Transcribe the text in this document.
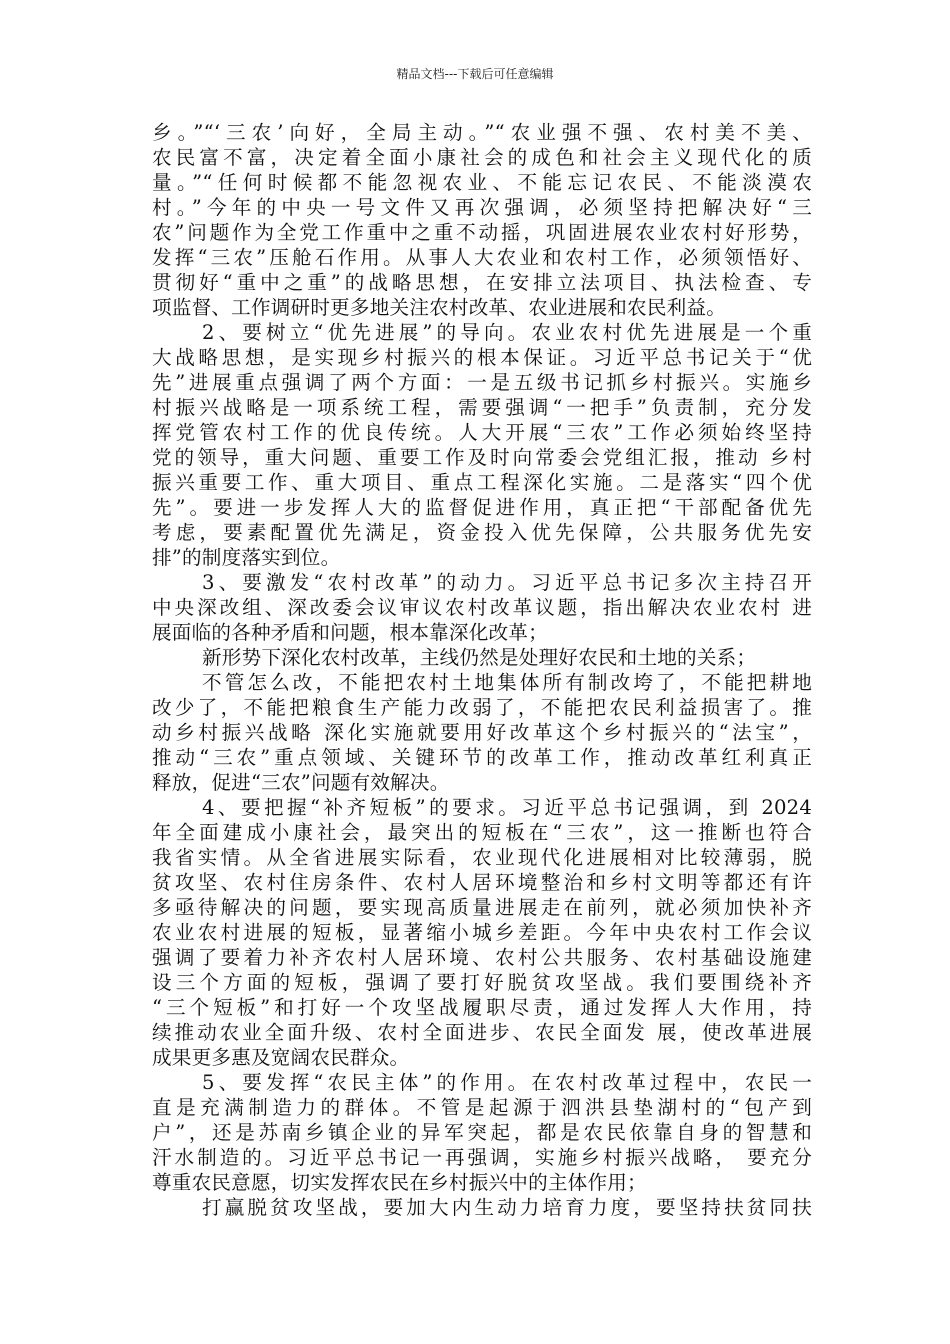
精品文档---下载后可任意编辑
乡。”“‘三农’向好，全局主动。”“农业强不强、农村美不美、
农民富不富，决定着全面小康社会的成色和社会主义现代化的质
量。”“任何时候都不能忽视农业、不能忘记农民、不能淡漠农
村。”今年的中央一号文件又再次强调，必须坚持把解决好“三
农”问题作为全党工作重中之重不动摇，巩固进展农业农村好形势，
发挥“三农”压舱石作用。从事人大农业和农村工作，必须领悟好、
贯彻好“重中之重”的战略思想，在安排立法项目、执法检查、专
项监督、工作调研时更多地关注农村改革、农业进展和农民利益。
2、要树立“优先进展”的导向。农业农村优先进展是一个重
大战略思想，是实现乡村振兴的根本保证。习近平总书记关于“优
先”进展重点强调了两个方面：一是五级书记抓乡村振兴。实施乡
村振兴战略是一项系统工程，需要强调“一把手”负责制，充分发
挥党管农村工作的优良传统。人大开展“三农”工作必须始终坚持
党的领导，重大问题、重要工作及时向常委会党组汇报，推动 乡村
振兴重要工作、重大项目、重点工程深化实施。二是落实“四个优
先”。要进一步发挥人大的监督促进作用，真正把“干部配备优先
考虑，要素配置优先满足，资金投入优先保障，公共服务优先安
排”的制度落实到位。
3、要激发“农村改革”的动力。习近平总书记多次主持召开
中央深改组、深改委会议审议农村改革议题，指出解决农业农村 进
展面临的各种矛盾和问题，根本靠深化改革；
新形势下深化农村改革，主线仍然是处理好农民和土地的关系；
不管怎么改，不能把农村土地集体所有制改垮了，不能把耕地
改少了，不能把粮食生产能力改弱了，不能把农民利益损害了。推
动乡村振兴战略 深化实施就要用好改革这个乡村振兴的“法宝”，
推动“三农”重点领域、关键环节的改革工作，推动改革红利真正
释放，促进“三农”问题有效解决。
4、要把握“补齐短板”的要求。习近平总书记强调，到 2024
年全面建成小康社会，最突出的短板在“三农”，这一推断也符合
我省实情。从全省进展实际看，农业现代化进展相对比较薄弱，脱
贫攻坚、农村住房条件、农村人居环境整治和乡村文明等都还有许
多亟待解决的问题，要实现高质量进展走在前列，就必须加快补齐
农业农村进展的短板，显著缩小城乡差距。今年中央农村工作会议
强调了要着力补齐农村人居环境、农村公共服务、农村基础设施建
设三个方面的短板，强调了要打好脱贫攻坚战。我们要围绕补齐
“三个短板”和打好一个攻坚战履职尽责，通过发挥人大作用，持
续推动农业全面升级、农村全面进步、农民全面发 展，使改革进展
成果更多惠及宽阔农民群众。
5、要发挥“农民主体”的作用。在农村改革过程中，农民一
直是充满制造力的群体。不管是起源于泗洪县垫湖村的“包产到
户”，还是苏南乡镇企业的异军突起，都是农民依靠自身的智慧和
汗水制造的。习近平总书记一再强调，实施乡村振兴战略， 要充分
尊重农民意愿，切实发挥农民在乡村振兴中的主体作用；
打赢脱贫攻坚战，要加大内生动力培育力度，要坚持扶贫同扶
